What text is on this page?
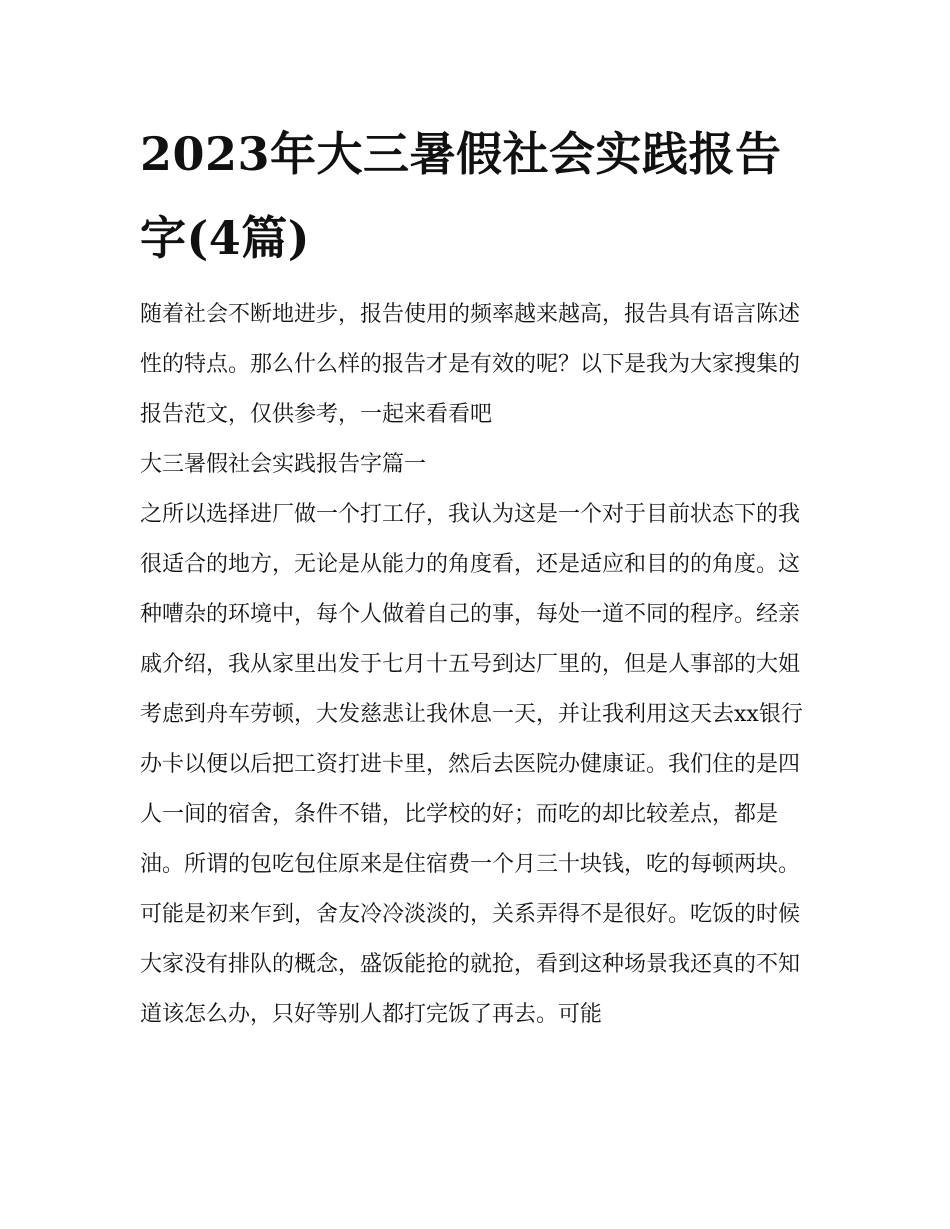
2023年大三暑假社会实践报告字(4篇)

随着社会不断地进步，报告使用的频率越来越高，报告具有语言陈述性的特点。那么什么样的报告才是有效的呢？以下是我为大家搜集的报告范文，仅供参考，一起来看看吧

大三暑假社会实践报告字篇一

之所以选择进厂做一个打工仔，我认为这是一个对于目前状态下的我很适合的地方，无论是从能力的角度看，还是适应和目的的角度。这种嘈杂的环境中，每个人做着自己的事，每处一道不同的程序。经亲戚介绍，我从家里出发于七月十五号到达厂里的，但是人事部的大姐考虑到舟车劳顿，大发慈悲让我休息一天，并让我利用这天去xx银行办卡以便以后把工资打进卡里，然后去医院办健康证。我们住的是四人一间的宿舍，条件不错，比学校的好；而吃的却比较差点，都是油。所谓的包吃包住原来是住宿费一个月三十块钱，吃的每顿两块。

可能是初来乍到，舍友冷冷淡淡的，关系弄得不是很好。吃饭的时候大家没有排队的概念，盛饭能抢的就抢，看到这种场景我还真的不知道该怎么办，只好等别人都打完饭了再去。可能
